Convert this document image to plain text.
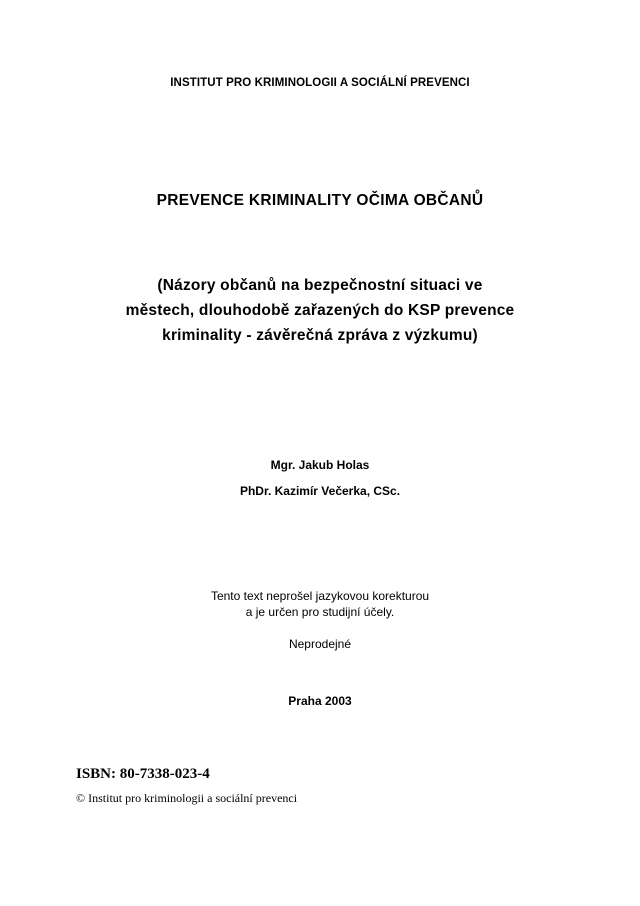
INSTITUT PRO KRIMINOLOGII A SOCIÁLNÍ PREVENCI
PREVENCE KRIMINALITY OČIMA OBČANŮ
(Názory občanů na bezpečnostní situaci ve
městech, dlouhodobě zařazených do KSP prevence
kriminality - závěrečná zpráva z výzkumu)
Mgr. Jakub Holas
PhDr. Kazimír Večerka, CSc.
Tento text neprošel jazykovou korekturou
a je určen pro studijní účely.
Neprodejné
Praha 2003
ISBN: 80-7338-023-4
© Institut pro kriminologii a sociální prevenci
